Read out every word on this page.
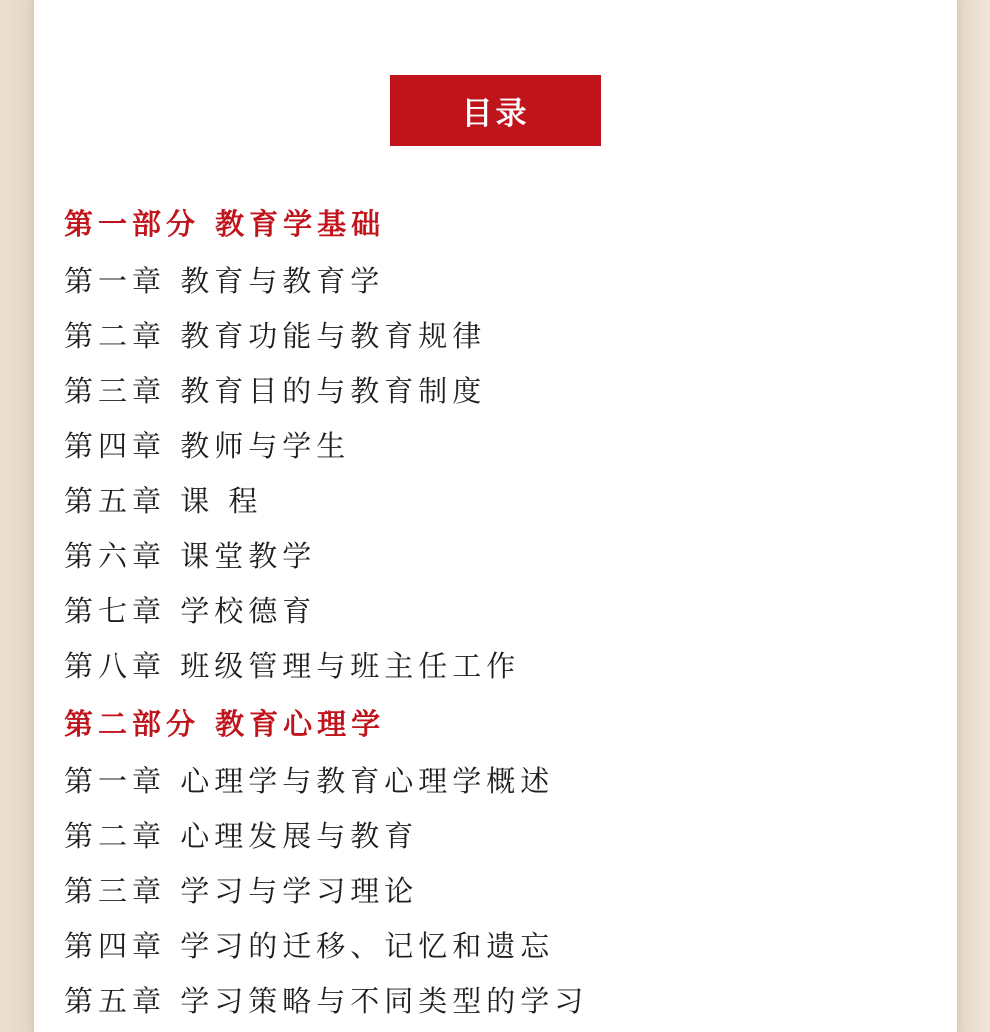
目录
第一部分 教育学基础
第一章 教育与教育学
第二章 教育功能与教育规律
第三章 教育目的与教育制度
第四章 教师与学生
第五章 课 程
第六章 课堂教学
第七章 学校德育
第八章 班级管理与班主任工作
第二部分 教育心理学
第一章 心理学与教育心理学概述
第二章 心理发展与教育
第三章 学习与学习理论
第四章 学习的迁移、记忆和遗忘
第五章 学习策略与不同类型的学习
